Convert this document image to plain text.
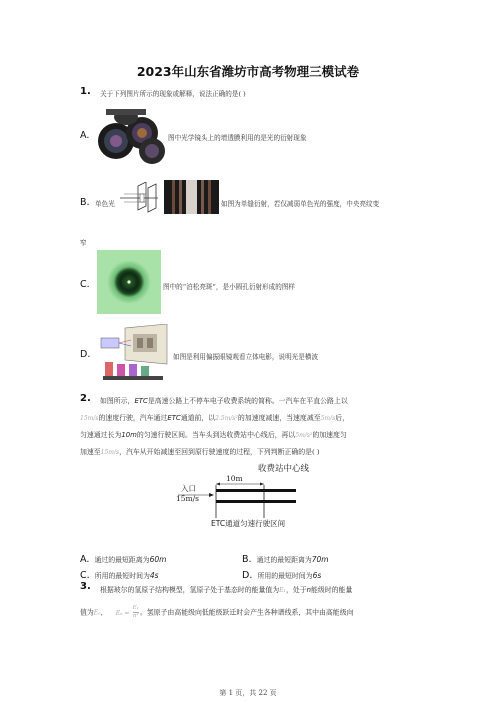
2023年山东省潍坊市高考物理三模试卷
1. 关于下列图片所示的现象或解释，说法正确的是( )
A.	图中光学镜头上的增透膜利用的是光的衍射现象
B. 单色光	如图为单缝衍射，若仅减弱单色光的强度，中央亮纹变
窄
C.	图中的“泊松亮斑”，是小圆孔衍射形成的图样
D.	如图是利用偏振眼镜观看立体电影，说明光是横波
2. 如图所示，ETC是高速公路上不停车电子收费系统的简称。一汽车在平直公路上以
15m/s的速度行驶，汽车通过ETC通道前，以2.5m/s²的加速度减速，当速度减至5m/s后，
匀速通过长为10m的匀速行驶区间。当车头到达收费站中心线后，再以5m/s²的加速度匀
加速至15m/s，汽车从开始减速至回到原行驶速度的过程，下列判断正确的是( )
收费站中心线
10m
入口
15m/s
ETC通道匀速行驶区间
A. 通过的最短距离为60m	B. 通过的最短距离为70m
C. 所用的最短时间为4s	D. 所用的最短时间为6s
3. 根据玻尔的氢原子结构模型，氢原子处于基态时的能量值为E₁，处于n能级时的能量
值为Eₙ， $E_n = \frac{\text{E₁}}{\text{n²}}$ 。氢原子由高能级向低能级跃迁时会产生各种谱线系，其中由高能级向
第 1 页，共 22 页
